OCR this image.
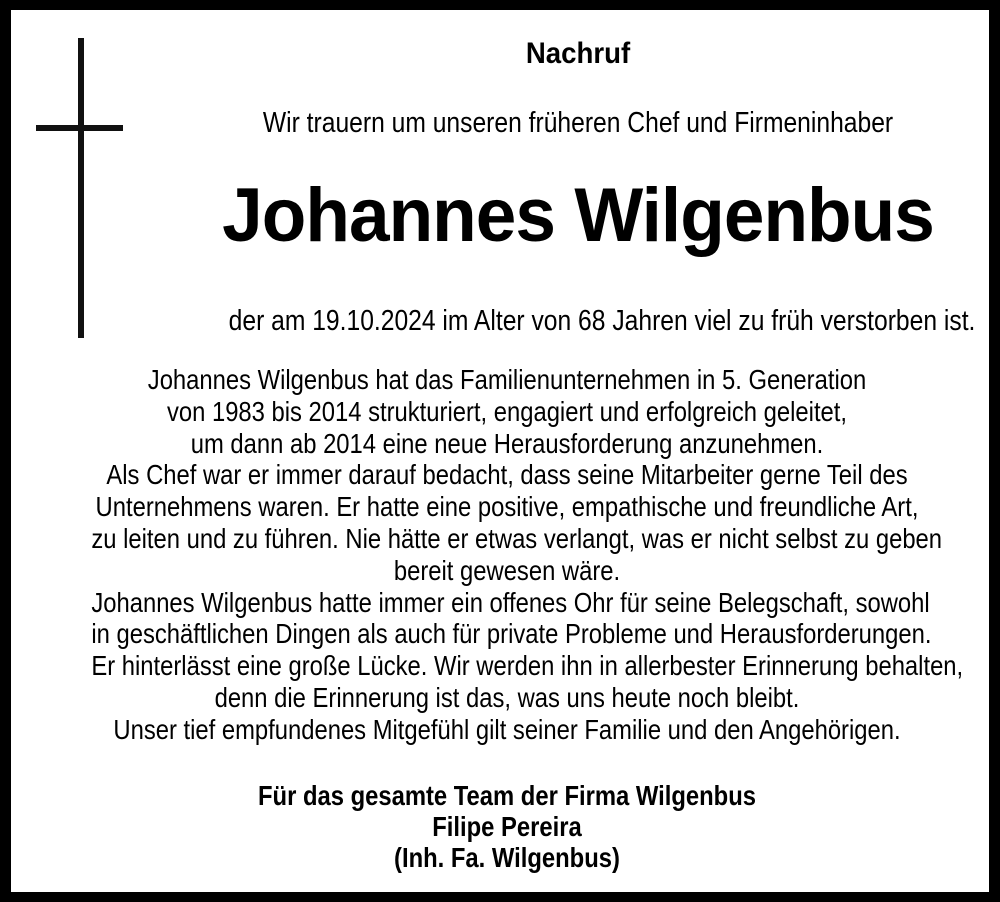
Nachruf
Wir trauern um unseren früheren Chef und Firmeninhaber
Johannes Wilgenbus
der am 19.10.2024 im Alter von 68 Jahren viel zu früh verstorben ist.
Johannes Wilgenbus hat das Familienunternehmen in 5. Generation
von 1983 bis 2014 strukturiert, engagiert und erfolgreich geleitet,
um dann ab 2014 eine neue Herausforderung anzunehmen.
Als Chef war er immer darauf bedacht, dass seine Mitarbeiter gerne Teil des
Unternehmens waren. Er hatte eine positive, empathische und freundliche Art,
zu leiten und zu führen. Nie hätte er etwas verlangt, was er nicht selbst zu geben
bereit gewesen wäre.
Johannes Wilgenbus hatte immer ein offenes Ohr für seine Belegschaft, sowohl
in geschäftlichen Dingen als auch für private Probleme und Herausforderungen.
Er hinterlässt eine große Lücke. Wir werden ihn in allerbester Erinnerung behalten,
denn die Erinnerung ist das, was uns heute noch bleibt.
Unser tief empfundenes Mitgefühl gilt seiner Familie und den Angehörigen.
Für das gesamte Team der Firma Wilgenbus
Filipe Pereira
(Inh. Fa. Wilgenbus)
